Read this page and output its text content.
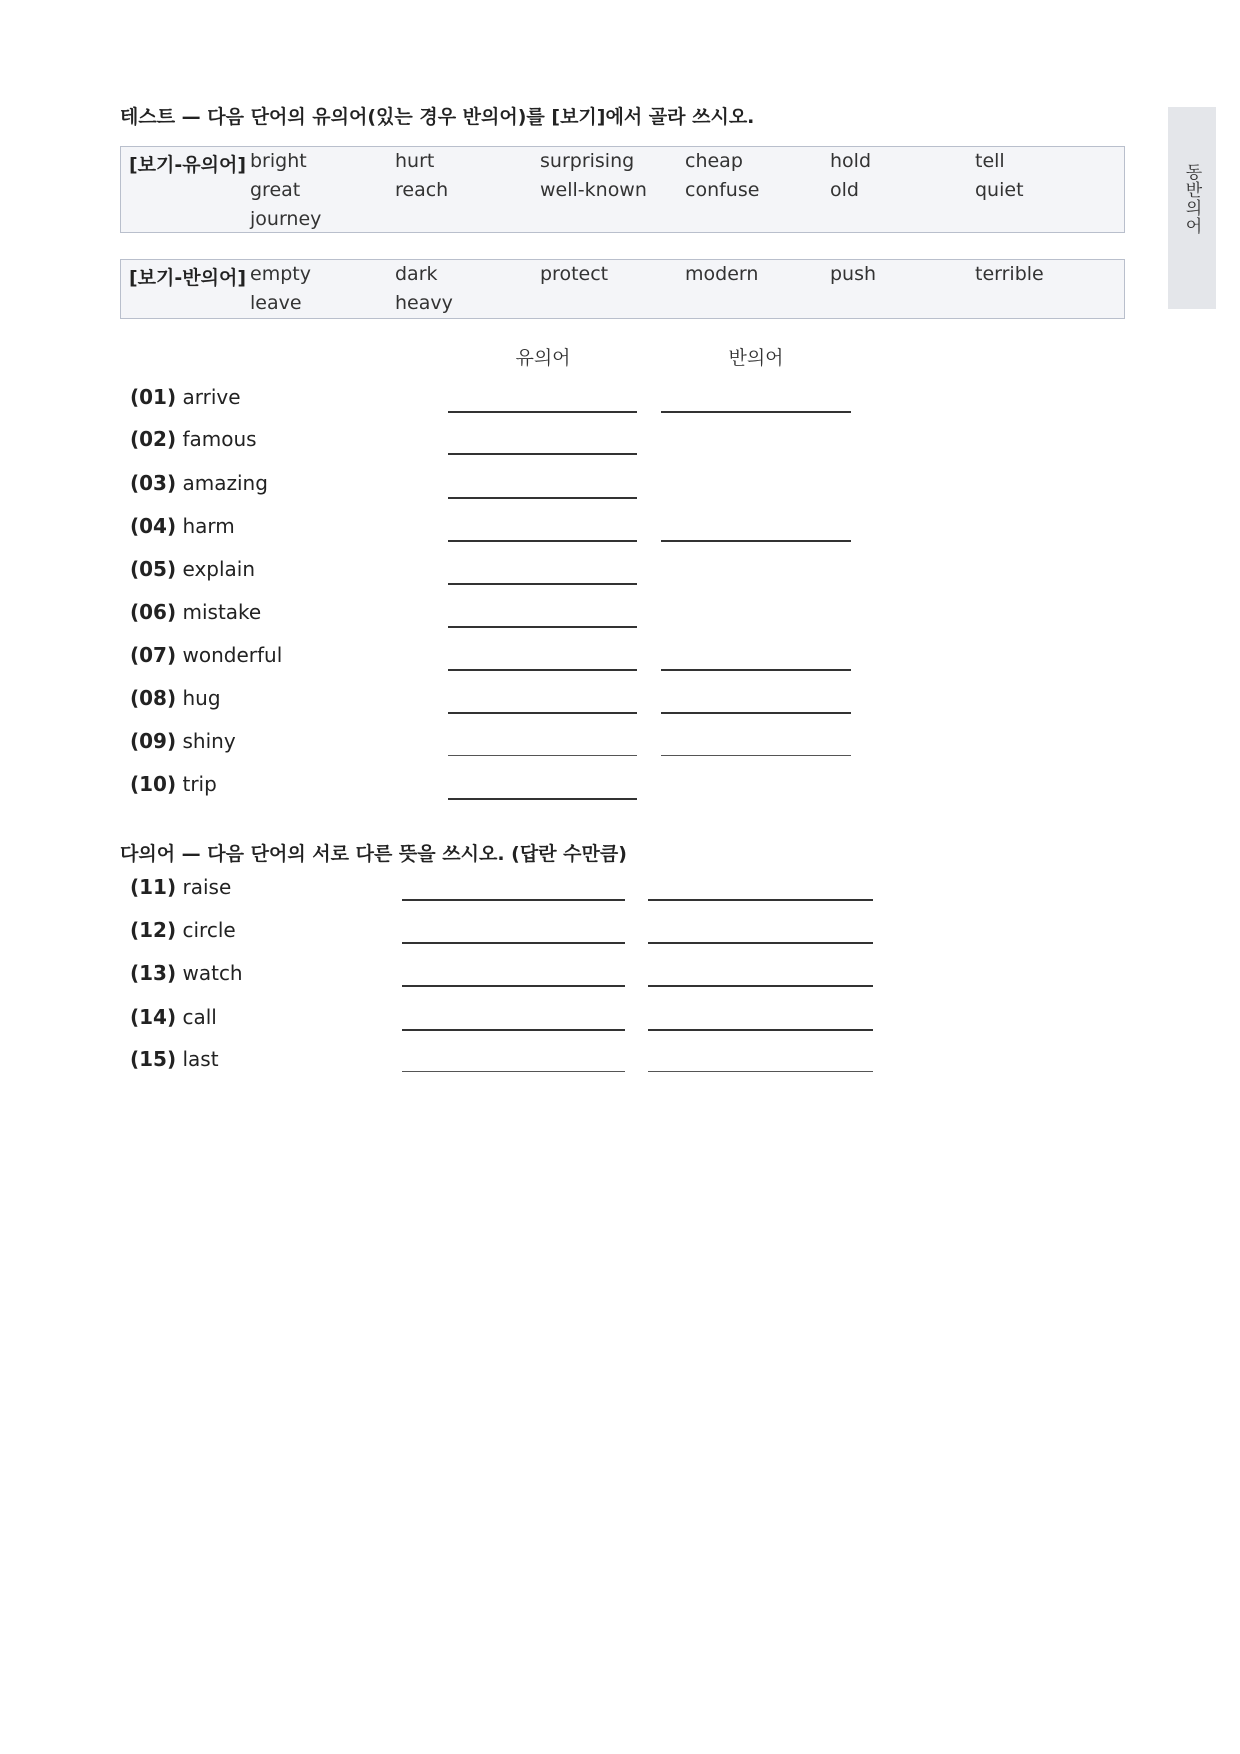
테스트 — 다음 단어의 유의어(있는 경우 반의어)를 [보기]에서 골라 쓰시오.
동반의어
[보기-유의어] bright	hurt	surprising	cheap	hold	tell
great	reach	well-known	confuse	old	quiet
journey
[보기-반의어] empty	dark	protect	modern	push	terrible
leave	heavy
유의어	반의어
(01) arrive
(02) famous
(03) amazing
(04) harm
(05) explain
(06) mistake
(07) wonderful
(08) hug
(09) shiny
(10) trip
다의어 — 다음 단어의 서로 다른 뜻을 쓰시오. (답란 수만큼)
(11) raise
(12) circle
(13) watch
(14) call
(15) last
